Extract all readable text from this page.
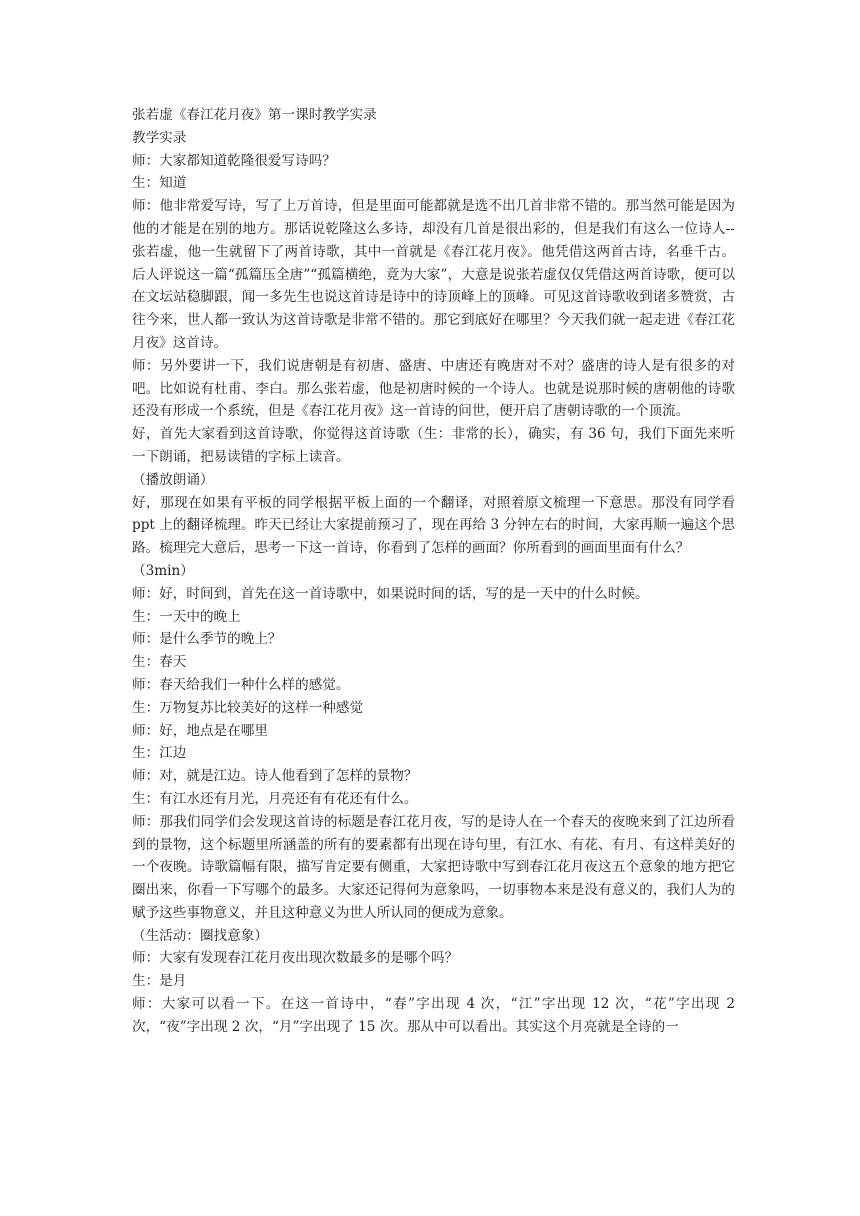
张若虚《春江花月夜》第一课时教学实录

教学实录

师：大家都知道乾隆很爱写诗吗？

生：知道

师：他非常爱写诗，写了上万首诗，但是里面可能都就是选不出几首非常不错的。那当然可能是因为他的才能是在别的地方。那话说乾隆这么多诗，却没有几首是很出彩的，但是我们有这么一位诗人--张若虚，他一生就留下了两首诗歌，其中一首就是《春江花月夜》。他凭借这两首古诗，名垂千古。后人评说这一篇“孤篇压全唐”“孤篇横绝，竟为大家”，大意是说张若虚仅仅凭借这两首诗歌，便可以在文坛站稳脚跟，闻一多先生也说这首诗是诗中的诗顶峰上的顶峰。可见这首诗歌收到诸多赞赏，古往今来，世人都一致认为这首诗歌是非常不错的。那它到底好在哪里？今天我们就一起走进《春江花月夜》这首诗。

师：另外要讲一下，我们说唐朝是有初唐、盛唐、中唐还有晚唐对不对？盛唐的诗人是有很多的对吧。比如说有杜甫、李白。那么张若虚，他是初唐时候的一个诗人。也就是说那时候的唐朝他的诗歌还没有形成一个系统，但是《春江花月夜》这一首诗的问世，便开启了唐朝诗歌的一个顶流。

好，首先大家看到这首诗歌，你觉得这首诗歌（生：非常的长），确实，有 36 句，我们下面先来听一下朗诵，把易读错的字标上读音。

（播放朗诵）

好，那现在如果有平板的同学根据平板上面的一个翻译，对照着原文梳理一下意思。那没有同学看 ppt 上的翻译梳理。昨天已经让大家提前预习了，现在再给 3 分钟左右的时间，大家再顺一遍这个思路。梳理完大意后，思考一下这一首诗，你看到了怎样的画面？你所看到的画面里面有什么？

（3min）

师：好，时间到，首先在这一首诗歌中，如果说时间的话，写的是一天中的什么时候。

生：一天中的晚上

师：是什么季节的晚上？

生：春天

师：春天给我们一种什么样的感觉。

生：万物复苏比较美好的这样一种感觉

师：好，地点是在哪里

生：江边

师：对，就是江边。诗人他看到了怎样的景物？

生：有江水还有月光，月亮还有有花还有什么。

师：那我们同学们会发现这首诗的标题是春江花月夜，写的是诗人在一个春天的夜晚来到了江边所看到的景物，这个标题里所涵盖的所有的要素都有出现在诗句里，有江水、有花、有月、有这样美好的一个夜晚。诗歌篇幅有限，描写肯定要有侧重，大家把诗歌中写到春江花月夜这五个意象的地方把它圈出来，你看一下写哪个的最多。大家还记得何为意象吗，一切事物本来是没有意义的，我们人为的赋予这些事物意义，并且这种意义为世人所认同的便成为意象。

（生活动：圈找意象）

师：大家有发现春江花月夜出现次数最多的是哪个吗？

生：是月

师：大家可以看一下。在这一首诗中，“春”字出现 4 次，“江”字出现 12 次，“花”字出现 2 次，“夜”字出现 2 次，“月”字出现了 15 次。那从中可以看出。其实这个月亮就是全诗的一
